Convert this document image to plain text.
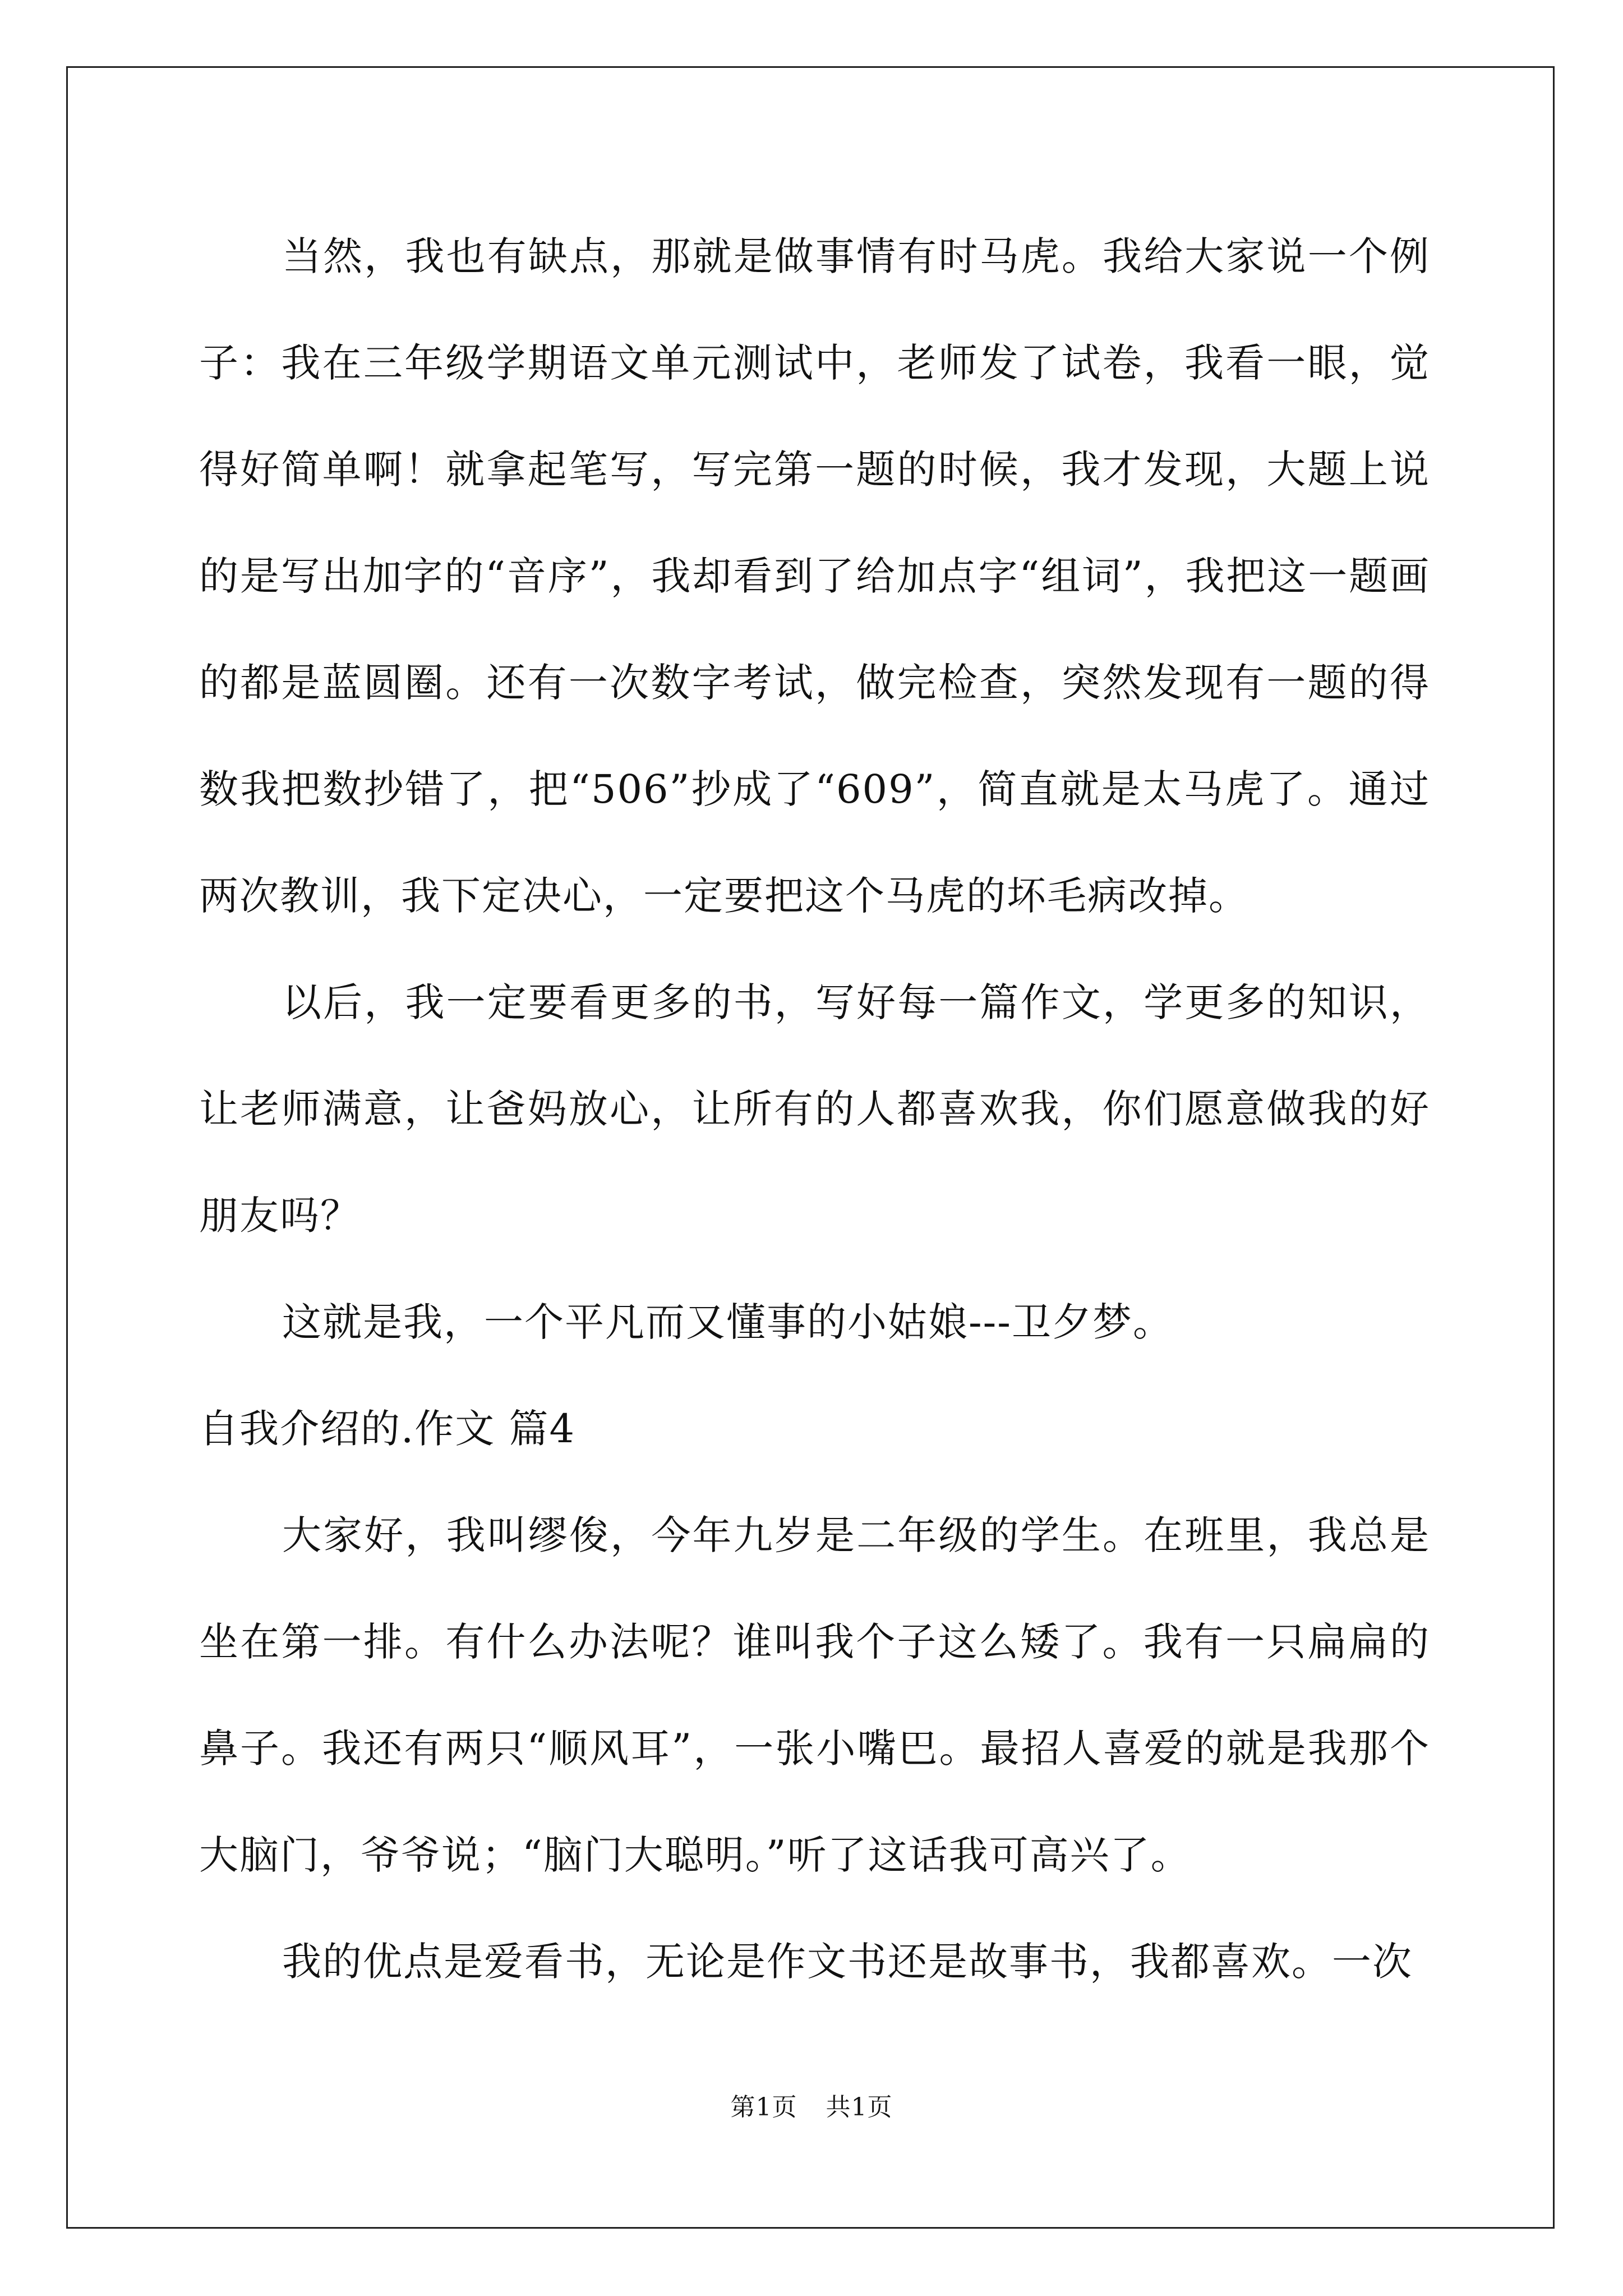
当然，我也有缺点，那就是做事情有时马虎。我给大家说一个例子：我在三年级学期语文单元测试中，老师发了试卷，我看一眼，觉得好简单啊！就拿起笔写，写完第一题的时候，我才发现，大题上说的是写出加字的“音序”，我却看到了给加点字“组词”，我把这一题画的都是蓝圆圈。还有一次数字考试，做完检查，突然发现有一题的得数我把数抄错了，把“506”抄成了“609”，简直就是太马虎了。通过两次教训，我下定决心，一定要把这个马虎的坏毛病改掉。

以后，我一定要看更多的书，写好每一篇作文，学更多的知识，让老师满意，让爸妈放心，让所有的人都喜欢我，你们愿意做我的好朋友吗？

这就是我，一个平凡而又懂事的小姑娘---卫夕梦。

自我介绍的.作文 篇4

大家好，我叫缪俊，今年九岁是二年级的学生。在班里，我总是坐在第一排。有什么办法呢？谁叫我个子这么矮了。我有一只扁扁的鼻子。我还有两只“顺风耳”，一张小嘴巴。最招人喜爱的就是我那个大脑门，爷爷说；“脑门大聪明。”听了这话我可高兴了。

我的优点是爱看书，无论是作文书还是故事书，我都喜欢。一次

第1页 共1页
